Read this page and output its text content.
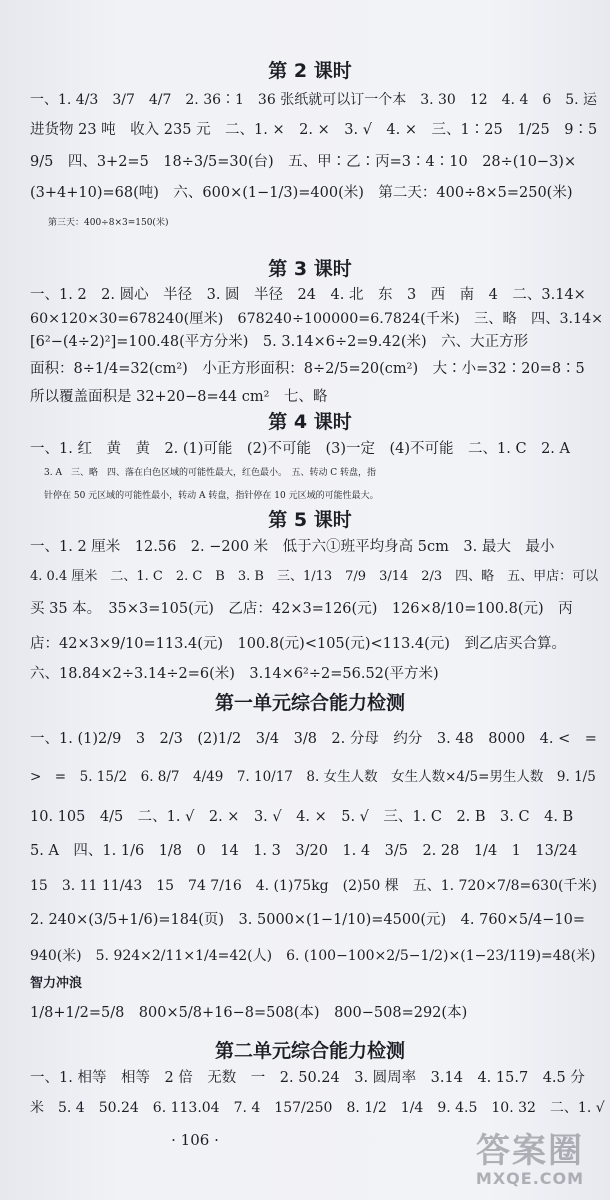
第 2 课时
一、1. 4/3　3/7　4/7　2. 36∶1　36 张纸就可以订一个本　3. 30　12　4. 4　6　5. 运
进货物 23 吨　收入 235 元　二、1. ×　2. ×　3. √　4. ×　三、1∶25　1/25　9∶5
9/5　四、3+2=5　18÷3/5=30(台)　五、甲∶乙∶丙=3∶4∶10　28÷(10−3)×
(3+4+10)=68(吨)　六、600×(1−1/3)=400(米)　第二天：400÷8×5=250(米)
第三天：400÷8×3=150(米)
第 3 课时
一、1. 2　2. 圆心　半径　3. 圆　半径　24　4. 北　东　3　西　南　4　二、3.14×
60×120×30=678240(厘米)　678240÷100000=6.7824(千米)　三、略　四、3.14×
[6²−(4÷2)²]=100.48(平方分米)　5. 3.14×6÷2=9.42(米)　六、大正方形
面积：8÷1/4=32(cm²)　小正方形面积：8÷2/5=20(cm²)　大∶小=32∶20=8∶5
所以覆盖面积是 32+20−8=44 cm²　七、略
第 4 课时
一、1. 红　黄　黄　2. (1)可能　(2)不可能　(3)一定　(4)不可能　二、1. C　2. A
3. A　三、略　四、落在白色区域的可能性最大，红色最小。　五、转动 C 转盘，指
针停在 50 元区域的可能性最小，转动 A 转盘，指针停在 10 元区域的可能性最大。
第 5 课时
一、1. 2 厘米　12.56　2. −200 米　低于六①班平均身高 5cm　3. 最大　最小
4. 0.4 厘米　二、1. C　2. C　B　3. B　三、1/13　7/9　3/14　2/3　四、略　五、甲店：可以
买 35 本。　35×3=105(元)　乙店：42×3=126(元)　126×8/10=100.8(元)　丙
店：42×3×9/10=113.4(元)　100.8(元)<105(元)<113.4(元)　到乙店买合算。
六、18.84×2÷3.14÷2=6(米)　3.14×6²÷2=56.52(平方米)
第一单元综合能力检测
一、1. (1)2/9　3　2/3　(2)1/2　3/4　3/8　2. 分母　约分　3. 48　8000　4. <　=
>　=　5. 15/2　6. 8/7　4/49　7. 10/17　8. 女生人数　女生人数×4/5=男生人数　9. 1/5
10. 105　4/5　二、1. √　2. ×　3. √　4. ×　5. √　三、1. C　2. B　3. C　4. B
5. A　四、1. 1/6　1/8　0　14　1. 3　3/20　1. 4　3/5　2. 28　1/4　1　13/24
15　3. 11 11/43　15　74 7/16　4. (1)75kg　(2)50 棵　五、1. 720×7/8=630(千米)
2. 240×(3/5+1/6)=184(页)　3. 5000×(1−1/10)=4500(元)　4. 760×5/4−10=
940(米)　5. 924×2/11×1/4=42(人)　6. (100−100×2/5−1/2)×(1−23/119)=48(米)
智力冲浪
1/8+1/2=5/8　800×5/8+16−8=508(本)　800−508=292(本)
第二单元综合能力检测
一、1. 相等　相等　2 倍　无数　一　2. 50.24　3. 圆周率　3.14　4. 15.7　4.5 分
米　5. 4　50.24　6. 113.04　7. 4　157/250　8. 1/2　1/4　9. 4.5　10. 32　二、1. √
· 106 ·	答案圈
MXQE.COM
